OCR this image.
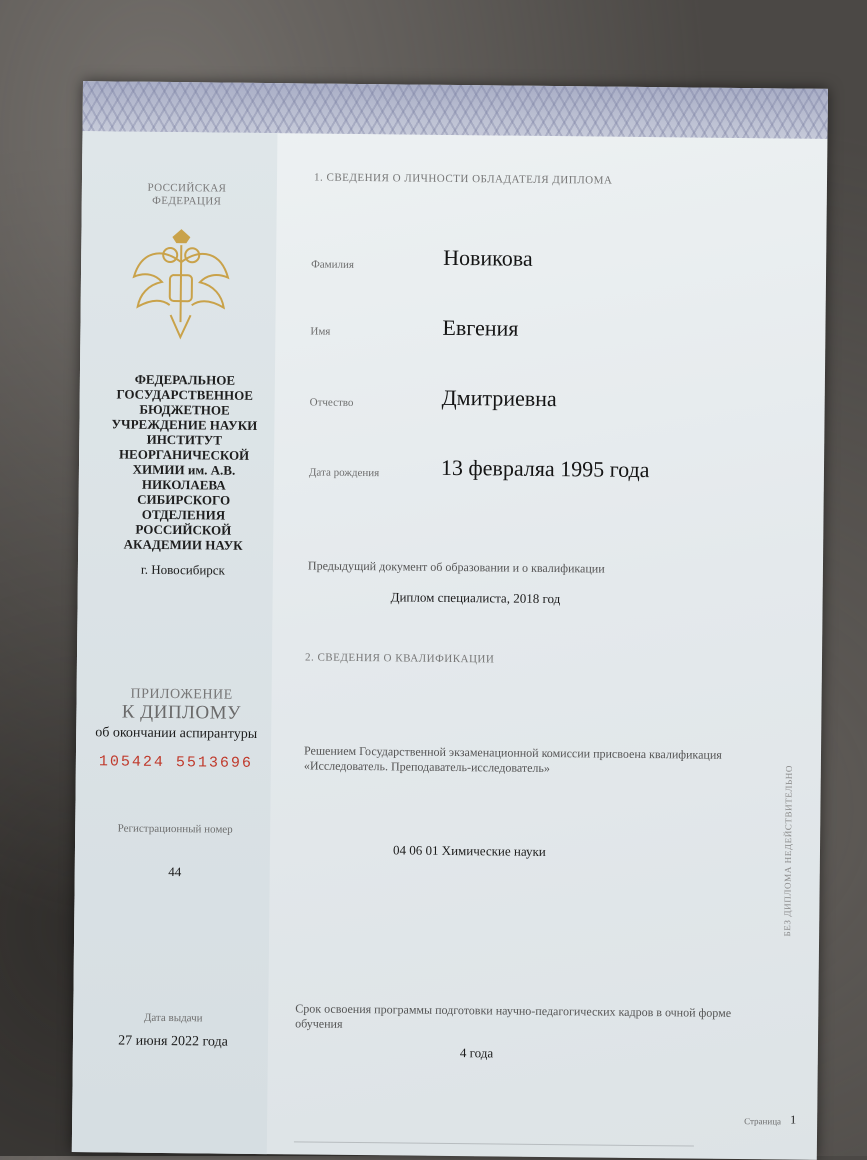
РОССИЙСКАЯ ФЕДЕРАЦИЯ
ФЕДЕРАЛЬНОЕ ГОСУДАРСТВЕННОЕ БЮДЖЕТНОЕ УЧРЕЖДЕНИЕ НАУКИ ИНСТИТУТ НЕОРГАНИЧЕСКОЙ ХИМИИ им. А.В. НИКОЛАЕВА СИБИРСКОГО ОТДЕЛЕНИЯ РОССИЙСКОЙ АКАДЕМИИ НАУК
г. Новосибирск
ПРИЛОЖЕНИЕ
К ДИПЛОМУ
об окончании аспирантуры
105424 5513696
Регистрационный номер
44
Дата выдачи
27 июня 2022 года
1. СВЕДЕНИЯ О ЛИЧНОСТИ ОБЛАДАТЕЛЯ ДИПЛОМА
Фамилия	Новикова
Имя	Евгения
Отчество	Дмитриевна
Дата рождения	13 февраляа 1995 года
Предыдущий документ об образовании и о квалификации
Диплом специалиста, 2018 год
2. СВЕДЕНИЯ О КВАЛИФИКАЦИИ
Решением Государственной экзаменационной комиссии присвоена квалификация «Исследователь. Преподаватель-исследователь»
04 06 01 Химические науки
Срок освоения программы подготовки научно-педагогических кадров в очной форме обучения
4 года
Страница 1
БЕЗ ДИПЛОМА НЕДЕЙСТВИТЕЛЬНО
